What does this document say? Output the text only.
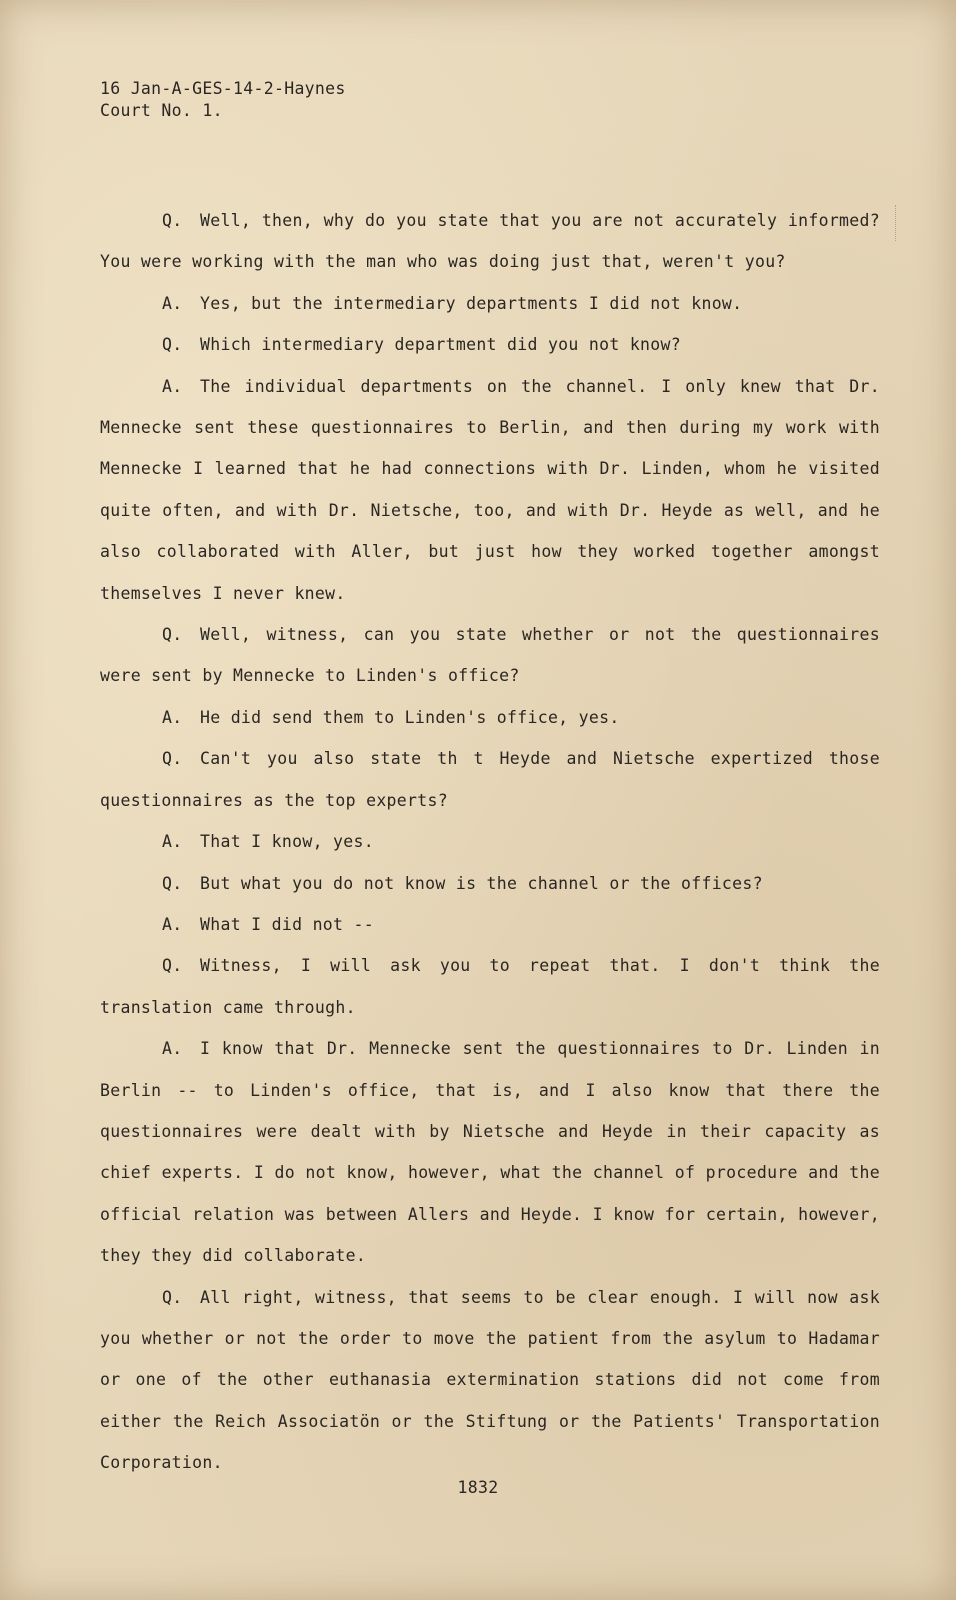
16 Jan-A-GES-14-2-Haynes
Court No. 1.

Q. Well, then, why do you state that you are not accurately informed? You were working with the man who was doing just that, weren't you?

A. Yes, but the intermediary departments I did not know.

Q. Which intermediary department did you not know?

A. The individual departments on the channel. I only knew that Dr. Mennecke sent these questionnaires to Berlin, and then during my work with Mennecke I learned that he had connections with Dr. Linden, whom he visited quite often, and with Dr. Nietsche, too, and with Dr. Heyde as well, and he also collaborated with Aller, but just how they worked together amongst themselves I never knew.

Q. Well, witness, can you state whether or not the questionnaires were sent by Mennecke to Linden's office?

A. He did send them to Linden's office, yes.

Q. Can't you also state th t Heyde and Nietsche expertized those questionnaires as the top experts?

A. That I know, yes.

Q. But what you do not know is the channel or the offices?

A. What I did not --

Q. Witness, I will ask you to repeat that. I don't think the translation came through.

A. I know that Dr. Mennecke sent the questionnaires to Dr. Linden in Berlin -- to Linden's office, that is, and I also know that there the questionnaires were dealt with by Nietsche and Heyde in their capacity as chief experts. I do not know, however, what the channel of procedure and the official relation was between Allers and Heyde. I know for certain, however, they they did collaborate.

Q. All right, witness, that seems to be clear enough. I will now ask you whether or not the order to move the patient from the asylum to Hadamar or one of the other euthanasia extermination stations did not come from either the Reich Associatön or the Stiftung or the Patients' Transportation Corporation.

1832
